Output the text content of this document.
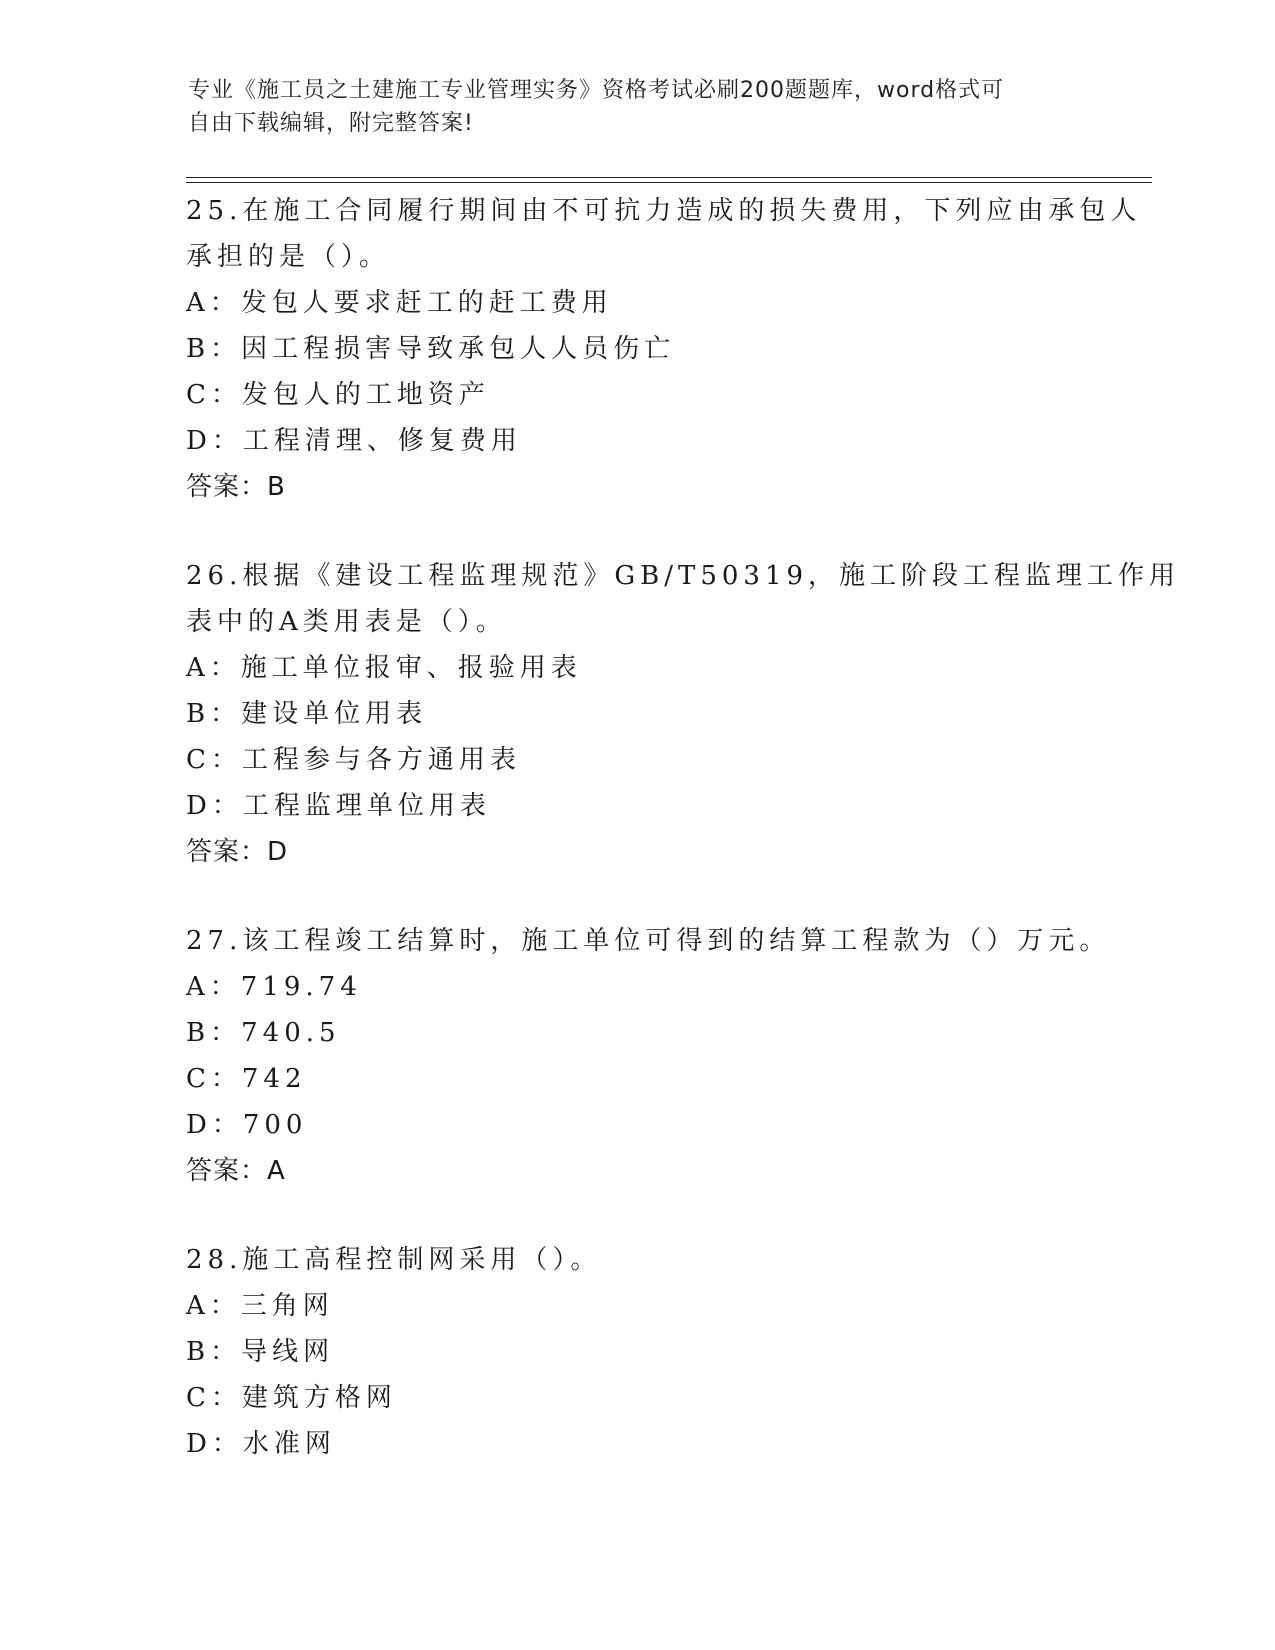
专业《施工员之土建施工专业管理实务》资格考试必刷200题题库，word格式可
自由下载编辑，附完整答案!
25.在施工合同履行期间由不可抗力造成的损失费用，下列应由承包人
承担的是（）。
A：发包人要求赶工的赶工费用
B：因工程损害导致承包人人员伤亡
C：发包人的工地资产
D：工程清理、修复费用
答案：B
26.根据《建设工程监理规范》GB/T50319，施工阶段工程监理工作用
表中的A类用表是（）。
A：施工单位报审、报验用表
B：建设单位用表
C：工程参与各方通用表
D：工程监理单位用表
答案：D
27.该工程竣工结算时，施工单位可得到的结算工程款为（）万元。
A：719.74
B：740.5
C：742
D：700
答案：A
28.施工高程控制网采用（）。
A：三角网
B：导线网
C：建筑方格网
D：水准网
